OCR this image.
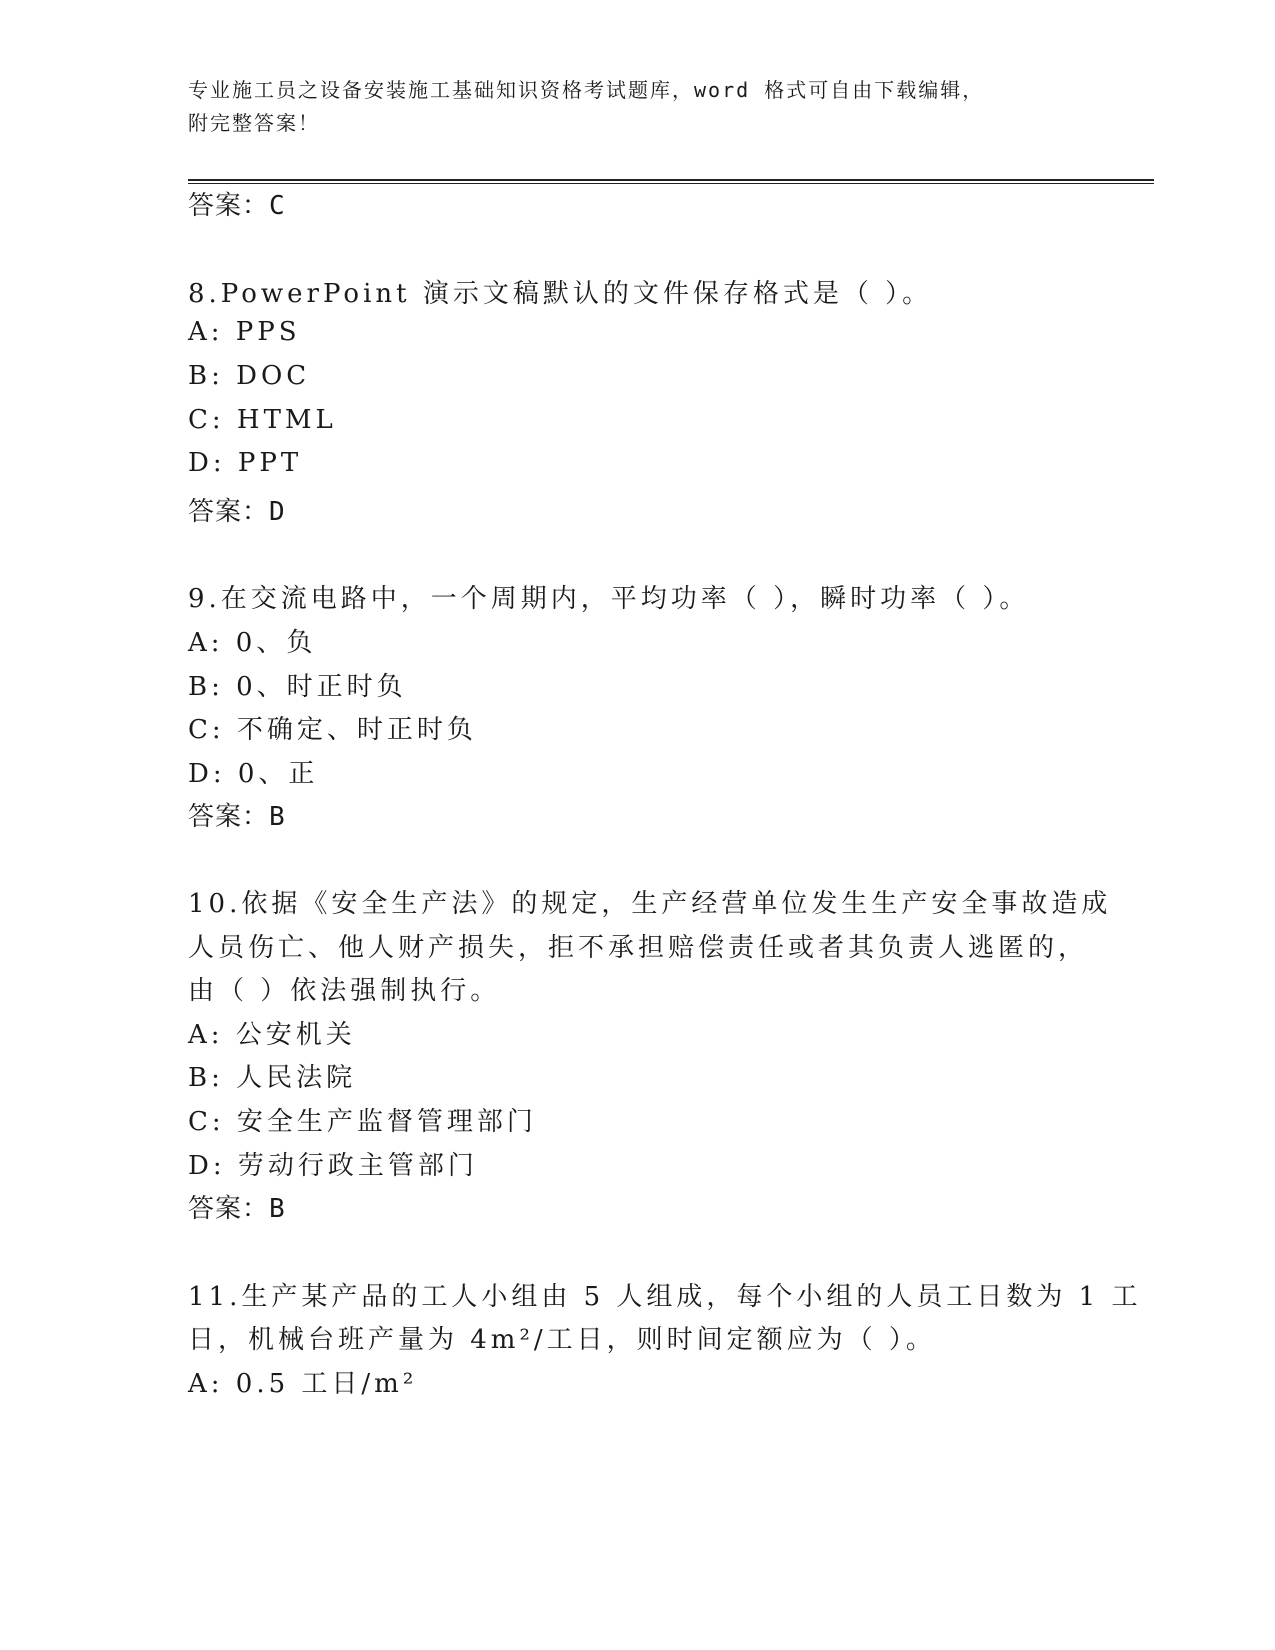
专业施工员之设备安装施工基础知识资格考试题库，word 格式可自由下载编辑，
附完整答案！
答案：C
8.PowerPoint 演示文稿默认的文件保存格式是（ ）。
A: PPS
B: DOC
C: HTML
D: PPT
答案：D
9.在交流电路中，一个周期内，平均功率（ ），瞬时功率（ ）。
A: 0、负
B: 0、时正时负
C: 不确定、时正时负
D: 0、正
答案：B
10.依据《安全生产法》的规定，生产经营单位发生生产安全事故造成
人员伤亡、他人财产损失，拒不承担赔偿责任或者其负责人逃匿的，
由（ ）依法强制执行。
A: 公安机关
B: 人民法院
C: 安全生产监督管理部门
D: 劳动行政主管部门
答案：B
11.生产某产品的工人小组由 5 人组成，每个小组的人员工日数为 1 工
日，机械台班产量为 4m²/工日，则时间定额应为（ ）。
A: 0.5 工日/m²
